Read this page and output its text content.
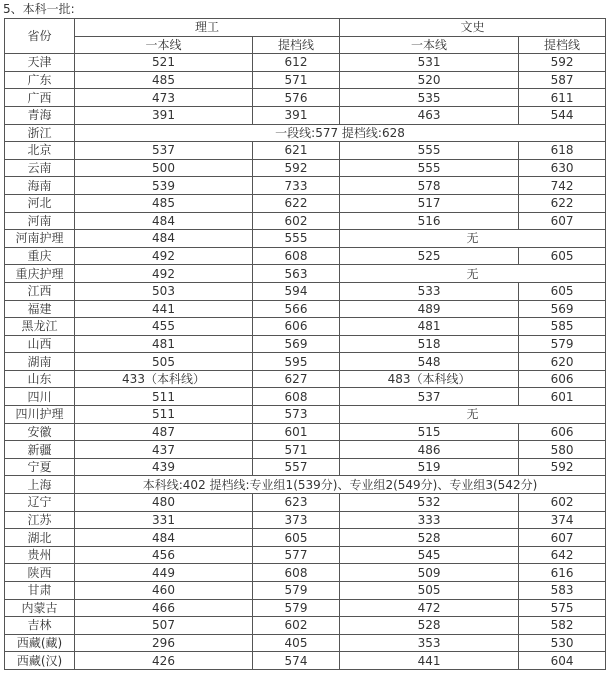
5、本科一批:
省份	理工		文史	
	一本线	提档线	一本线	提档线
天津	521	612	531	592
广东	485	571	520	587
广西	473	576	535	611
青海	391	391	463	544
浙江	一段线:577 提档线:628			
北京	537	621	555	618
云南	500	592	555	630
海南	539	733	578	742
河北	485	622	517	622
河南	484	602	516	607
河南护理	484	555	无	
重庆	492	608	525	605
重庆护理	492	563	无	
江西	503	594	533	605
福建	441	566	489	569
黑龙江	455	606	481	585
山西	481	569	518	579
湖南	505	595	548	620
山东	433（本科线）	627	483（本科线）	606
四川	511	608	537	601
四川护理	511	573	无	
安徽	487	601	515	606
新疆	437	571	486	580
宁夏	439	557	519	592
上海	本科线:402 提档线:专业组1(539分)、专业组2(549分)、专业组3(542分)			
辽宁	480	623	532	602
江苏	331	373	333	374
湖北	484	605	528	607
贵州	456	577	545	642
陕西	449	608	509	616
甘肃	460	579	505	583
内蒙古	466	579	472	575
吉林	507	602	528	582
西藏(藏)	296	405	353	530
西藏(汉)	426	574	441	604
